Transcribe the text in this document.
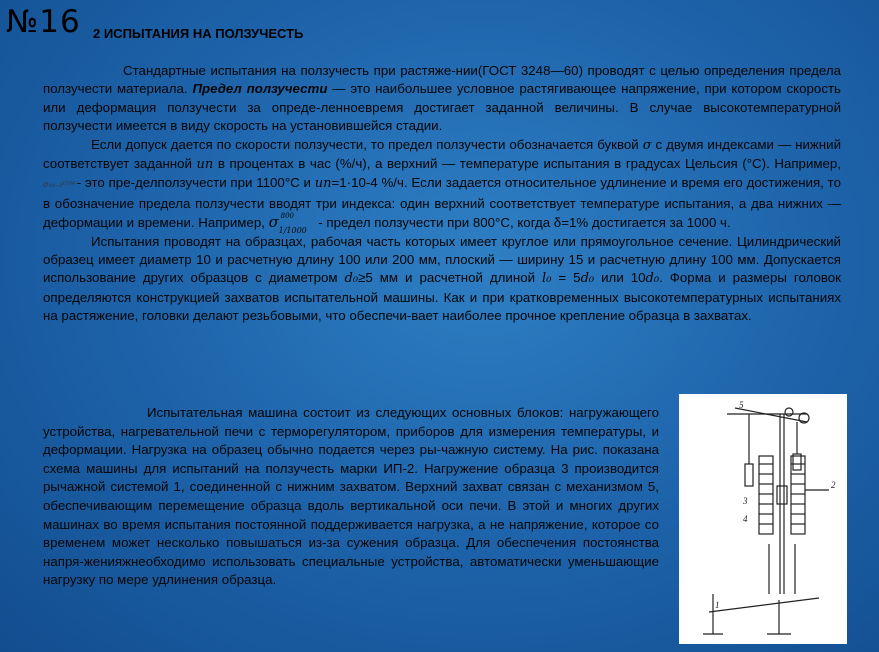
№16 2 ИСПЫТАНИЯ НА ПОЛЗУЧЕСТЬ
Стандартные испытания на ползучесть при растяже-нии(ГОСТ 3248—60) проводят с целью определения предела ползучести материала. Предел ползучести — это наибольшее условное растягивающее напряжение, при котором скорость или деформация ползучести за опреде-ленноевремя достигает заданной величины. В случае высокотемпературной ползучести имеется в виду скорость на установившейся стадии.
Если допуск дается по скорости ползучести, то предел ползучести обозначается буквой σ с двумя индексами — нижний соответствует заданной uп в процентах в час (%/ч), а верхний — температуре испытания в градусах Цельсия (°С). Например,σ₁₀₋₅¹¹⁰⁰ - это пре-делползучести при 1100°С и uп=1·10-4 %/ч. Если задается относительное удлинение и время его достижения, то в обозначение предела ползучести вводят три индекса: один верхний соответствует температуре испытания, а два нижних — деформации и времени. Например, σ 800
1/1000
- предел ползучести при 800°С, когда δ=1% достигается за 1000 ч.
Испытания проводят на образцах, рабочая часть которых имеет круглое или прямоугольное сечение. Цилиндрический образец имеет диаметр 10 и расчетную длину 100 или 200 мм, плоский — ширину 15 и расчетную длину 100 мм. Допускается использование других образцов с диаметром d₀≥5 мм и расчетной длиной l₀ = 5d₀ или 10d₀. Форма и размеры головок определяются конструкцией захватов испытательной машины. Как и при кратковременных высокотемпературных испытаниях на растяжение, головки делают резьбовыми, что обеспечи-вает наиболее прочное крепление образца в захватах.
Испытательная машина состоит из следующих основных блоков: нагружающего устройства, нагревательной печи с терморегулятором, приборов для измерения температуры, и деформации. Нагрузка на образец обычно подается через ры-чажную систему. На рис. показана схема машины для испытаний на ползучесть марки ИП-2. Нагружение образца 3 производится рычажной системой 1, соединенной с нижним захватом. Верхний захват связан с механизмом 5, обеспечивающим перемещение образца вдоль вертикальной оси печи. В этой и многих других машинах во время испытания постоянной поддерживается нагрузка, а не напряжение, которое со временем может несколько повышаться из-за сужения образца. Для обеспечения постоянства напря-женияжнеобходимо использовать специальные устройства, автоматически уменьшающие нагрузку по мере удлинения образца.
5
3
1
2
4
